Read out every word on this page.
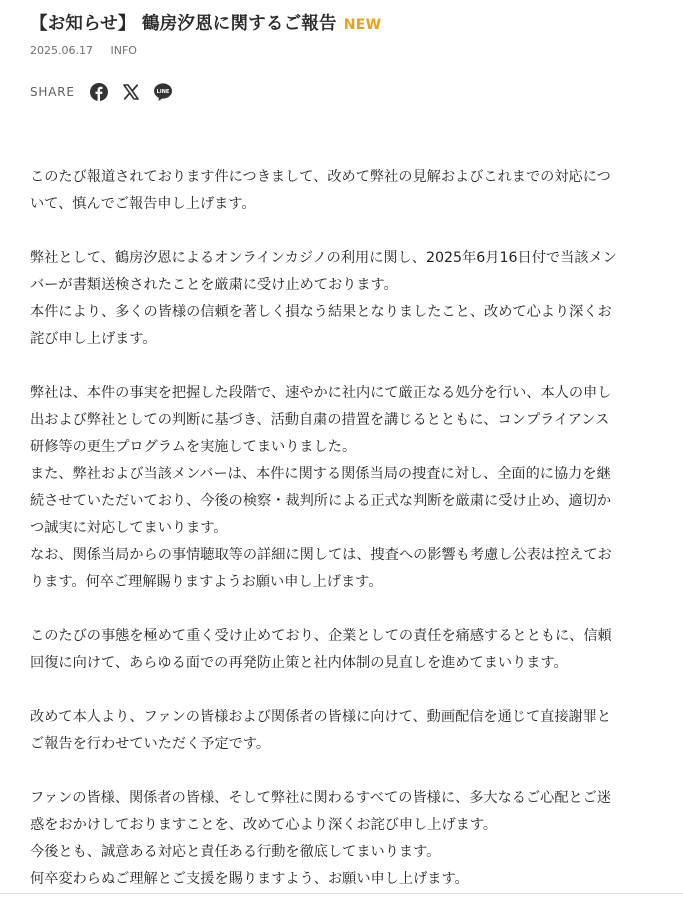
【お知らせ】 鶴房汐恩に関するご報告 NEW
2025.06.17 INFO
SHARE	LINE
このたび報道されております件につきまして、改めて弊社の見解およびこれまでの対応につ
いて、慎んでご報告申し上げます。
弊社として、鶴房汐恩によるオンラインカジノの利用に関し、2025年6月16日付で当該メン
バーが書類送検されたことを厳粛に受け止めております。
本件により、多くの皆様の信頼を著しく損なう結果となりましたこと、改めて心より深くお
詫び申し上げます。
弊社は、本件の事実を把握した段階で、速やかに社内にて厳正なる処分を行い、本人の申し
出および弊社としての判断に基づき、活動自粛の措置を講じるとともに、コンプライアンス
研修等の更生プログラムを実施してまいりました。
また、弊社および当該メンバーは、本件に関する関係当局の捜査に対し、全面的に協力を継
続させていただいており、今後の検察・裁判所による正式な判断を厳粛に受け止め、適切か
つ誠実に対応してまいります。
なお、関係当局からの事情聴取等の詳細に関しては、捜査への影響も考慮し公表は控えてお
ります。何卒ご理解賜りますようお願い申し上げます。
このたびの事態を極めて重く受け止めており、企業としての責任を痛感するとともに、信頼
回復に向けて、あらゆる面での再発防止策と社内体制の見直しを進めてまいります。
改めて本人より、ファンの皆様および関係者の皆様に向けて、動画配信を通じて直接謝罪と
ご報告を行わせていただく予定です。
ファンの皆様、関係者の皆様、そして弊社に関わるすべての皆様に、多大なるご心配とご迷
惑をおかけしておりますことを、改めて心より深くお詫び申し上げます。
今後とも、誠意ある対応と責任ある行動を徹底してまいります。
何卒変わらぬご理解とご支援を賜りますよう、お願い申し上げます。
